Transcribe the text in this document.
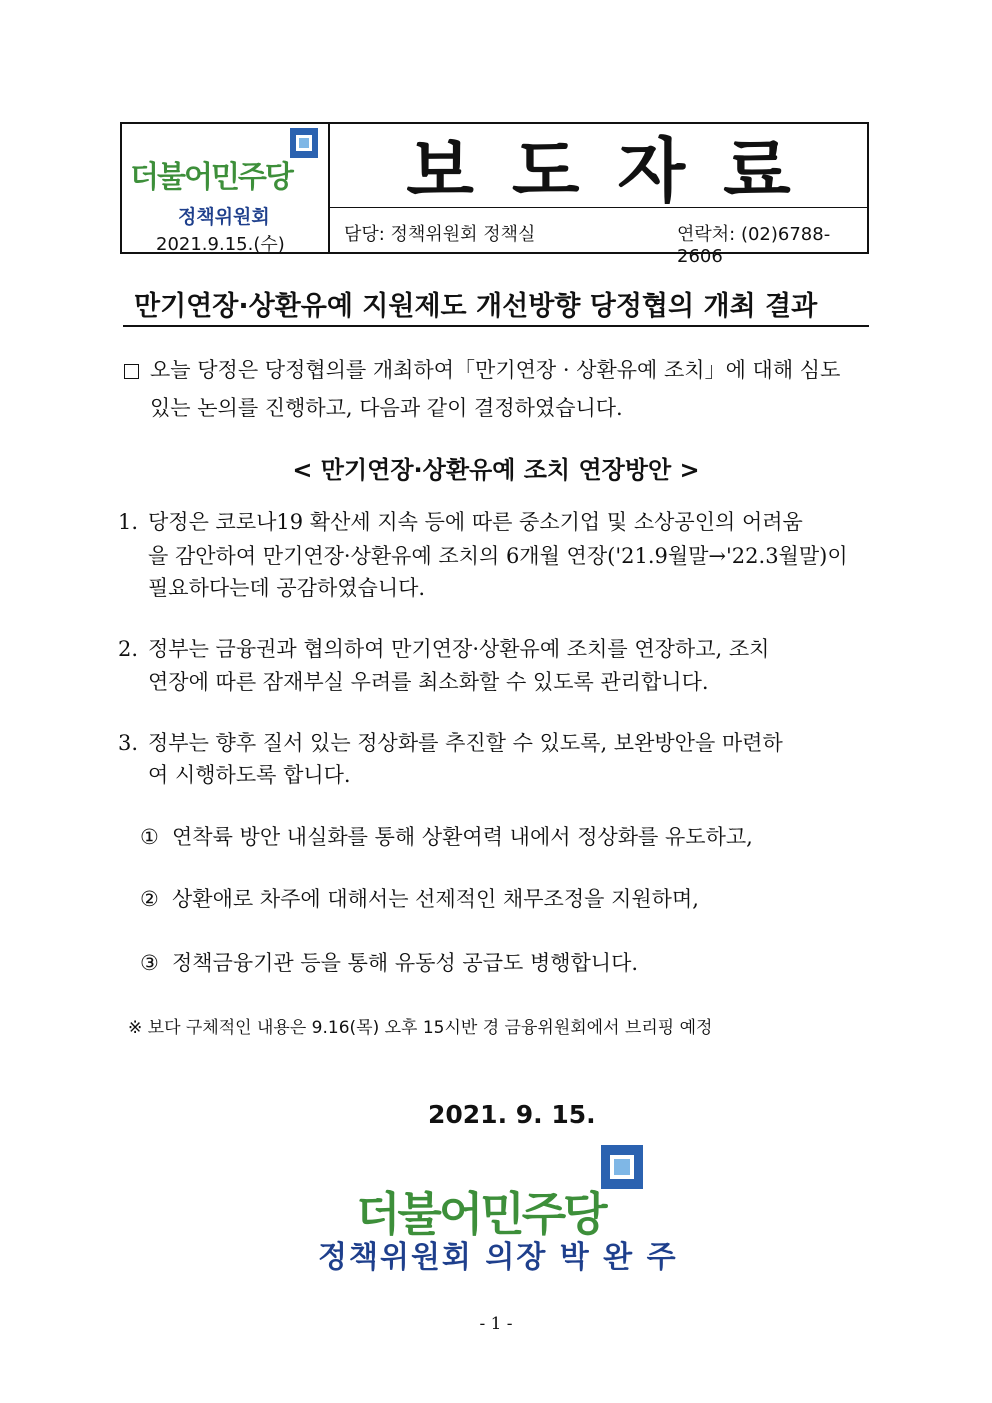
더불어민주당
정책위원회
2021.9.15.(수)
보도자료
담당: 정책위원회 정책실	연락처: (02)6788-2606
만기연장·상환유예 지원제도 개선방향 당정협의 개최 결과
오늘 당정은 당정협의를 개최하여「만기연장 · 상환유예 조치」에 대해 심도
있는 논의를 진행하고, 다음과 같이 결정하였습니다.
< 만기연장·상환유예 조치 연장방안 >
1. 당정은 코로나19 확산세 지속 등에 따른 중소기업 및 소상공인의 어려움
을 감안하여 만기연장·상환유예 조치의 6개월 연장('21.9월말→'22.3월말)이
필요하다는데 공감하였습니다.
2. 정부는 금융권과 협의하여 만기연장·상환유예 조치를 연장하고, 조치
연장에 따른 잠재부실 우려를 최소화할 수 있도록 관리합니다.
3. 정부는 향후 질서 있는 정상화를 추진할 수 있도록, 보완방안을 마련하
여 시행하도록 합니다.
① 연착륙 방안 내실화를 통해 상환여력 내에서 정상화를 유도하고,
② 상환애로 차주에 대해서는 선제적인 채무조정을 지원하며,
③ 정책금융기관 등을 통해 유동성 공급도 병행합니다.
※ 보다 구체적인 내용은 9.16(목) 오후 15시반 경 금융위원회에서 브리핑 예정
2021. 9. 15.
더불어민주당
정책위원회 의장 박 완 주
- 1 -
